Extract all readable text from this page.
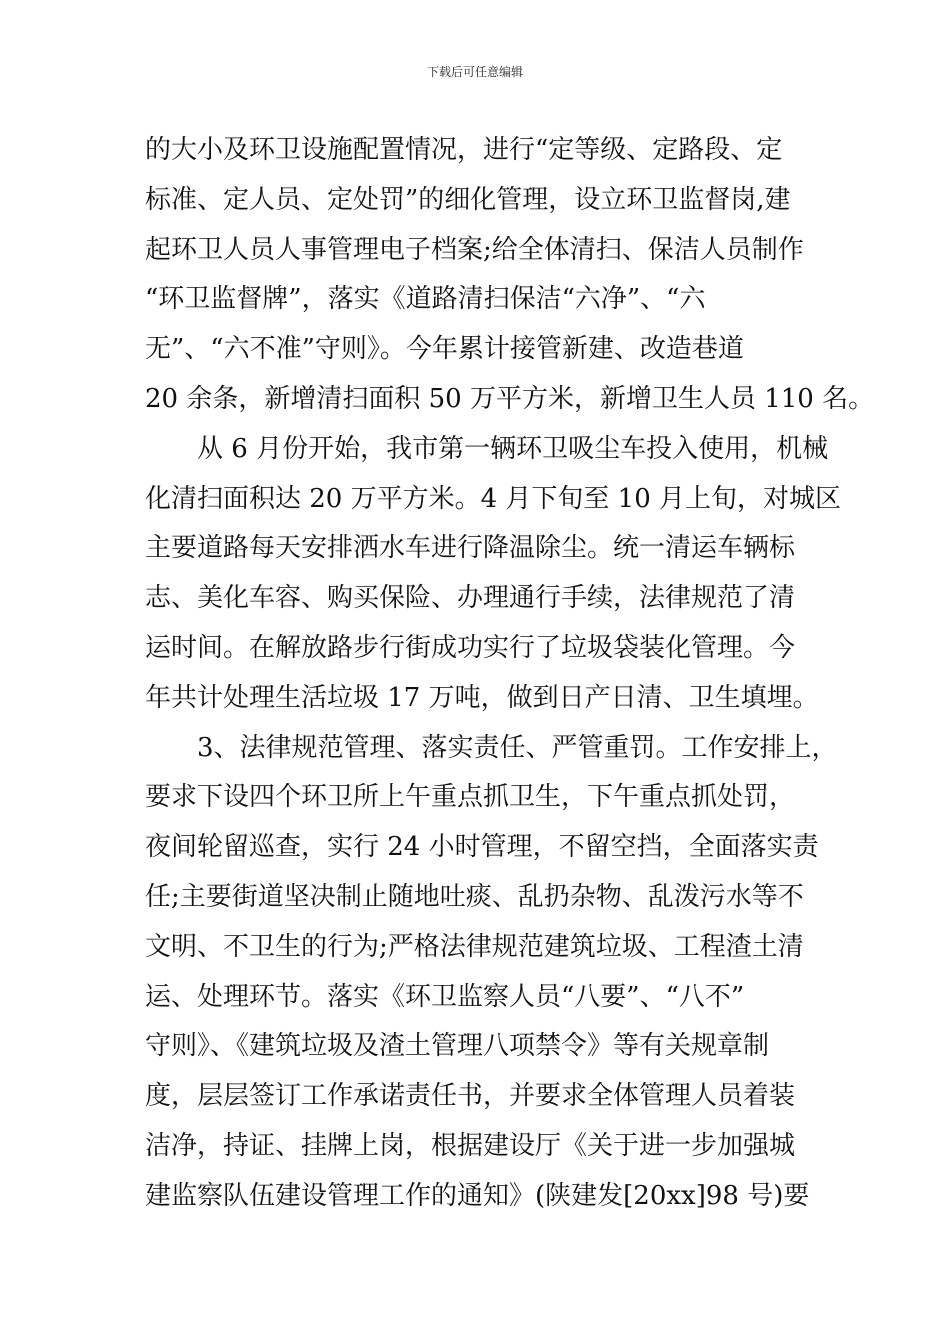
下载后可任意编辑
的大小及环卫设施配置情况，进行“定等级、定路段、定
标准、定人员、定处罚”的细化管理，设立环卫监督岗,建
起环卫人员人事管理电子档案;给全体清扫、保洁人员制作
“环卫监督牌”，落实《道路清扫保洁“六净”、“六
无”、“六不准”守则》。今年累计接管新建、改造巷道
20 余条，新增清扫面积 50 万平方米，新增卫生人员 110 名。
　　从 6 月份开始，我市第一辆环卫吸尘车投入使用，机械
化清扫面积达 20 万平方米。4 月下旬至 10 月上旬，对城区
主要道路每天安排洒水车进行降温除尘。统一清运车辆标
志、美化车容、购买保险、办理通行手续，法律规范了清
运时间。在解放路步行街成功实行了垃圾袋装化管理。今
年共计处理生活垃圾 17 万吨，做到日产日清、卫生填埋。
　　3、法律规范管理、落实责任、严管重罚。工作安排上，
要求下设四个环卫所上午重点抓卫生，下午重点抓处罚，
夜间轮留巡查，实行 24 小时管理，不留空挡，全面落实责
任;主要街道坚决制止随地吐痰、乱扔杂物、乱泼污水等不
文明、不卫生的行为;严格法律规范建筑垃圾、工程渣土清
运、处理环节。落实《环卫监察人员“八要”、“八不”
守则》、《建筑垃圾及渣土管理八项禁令》等有关规章制
度，层层签订工作承诺责任书，并要求全体管理人员着装
洁净，持证、挂牌上岗，根据建设厅《关于进一步加强城
建监察队伍建设管理工作的通知》(陕建发[20xx]98 号)要
